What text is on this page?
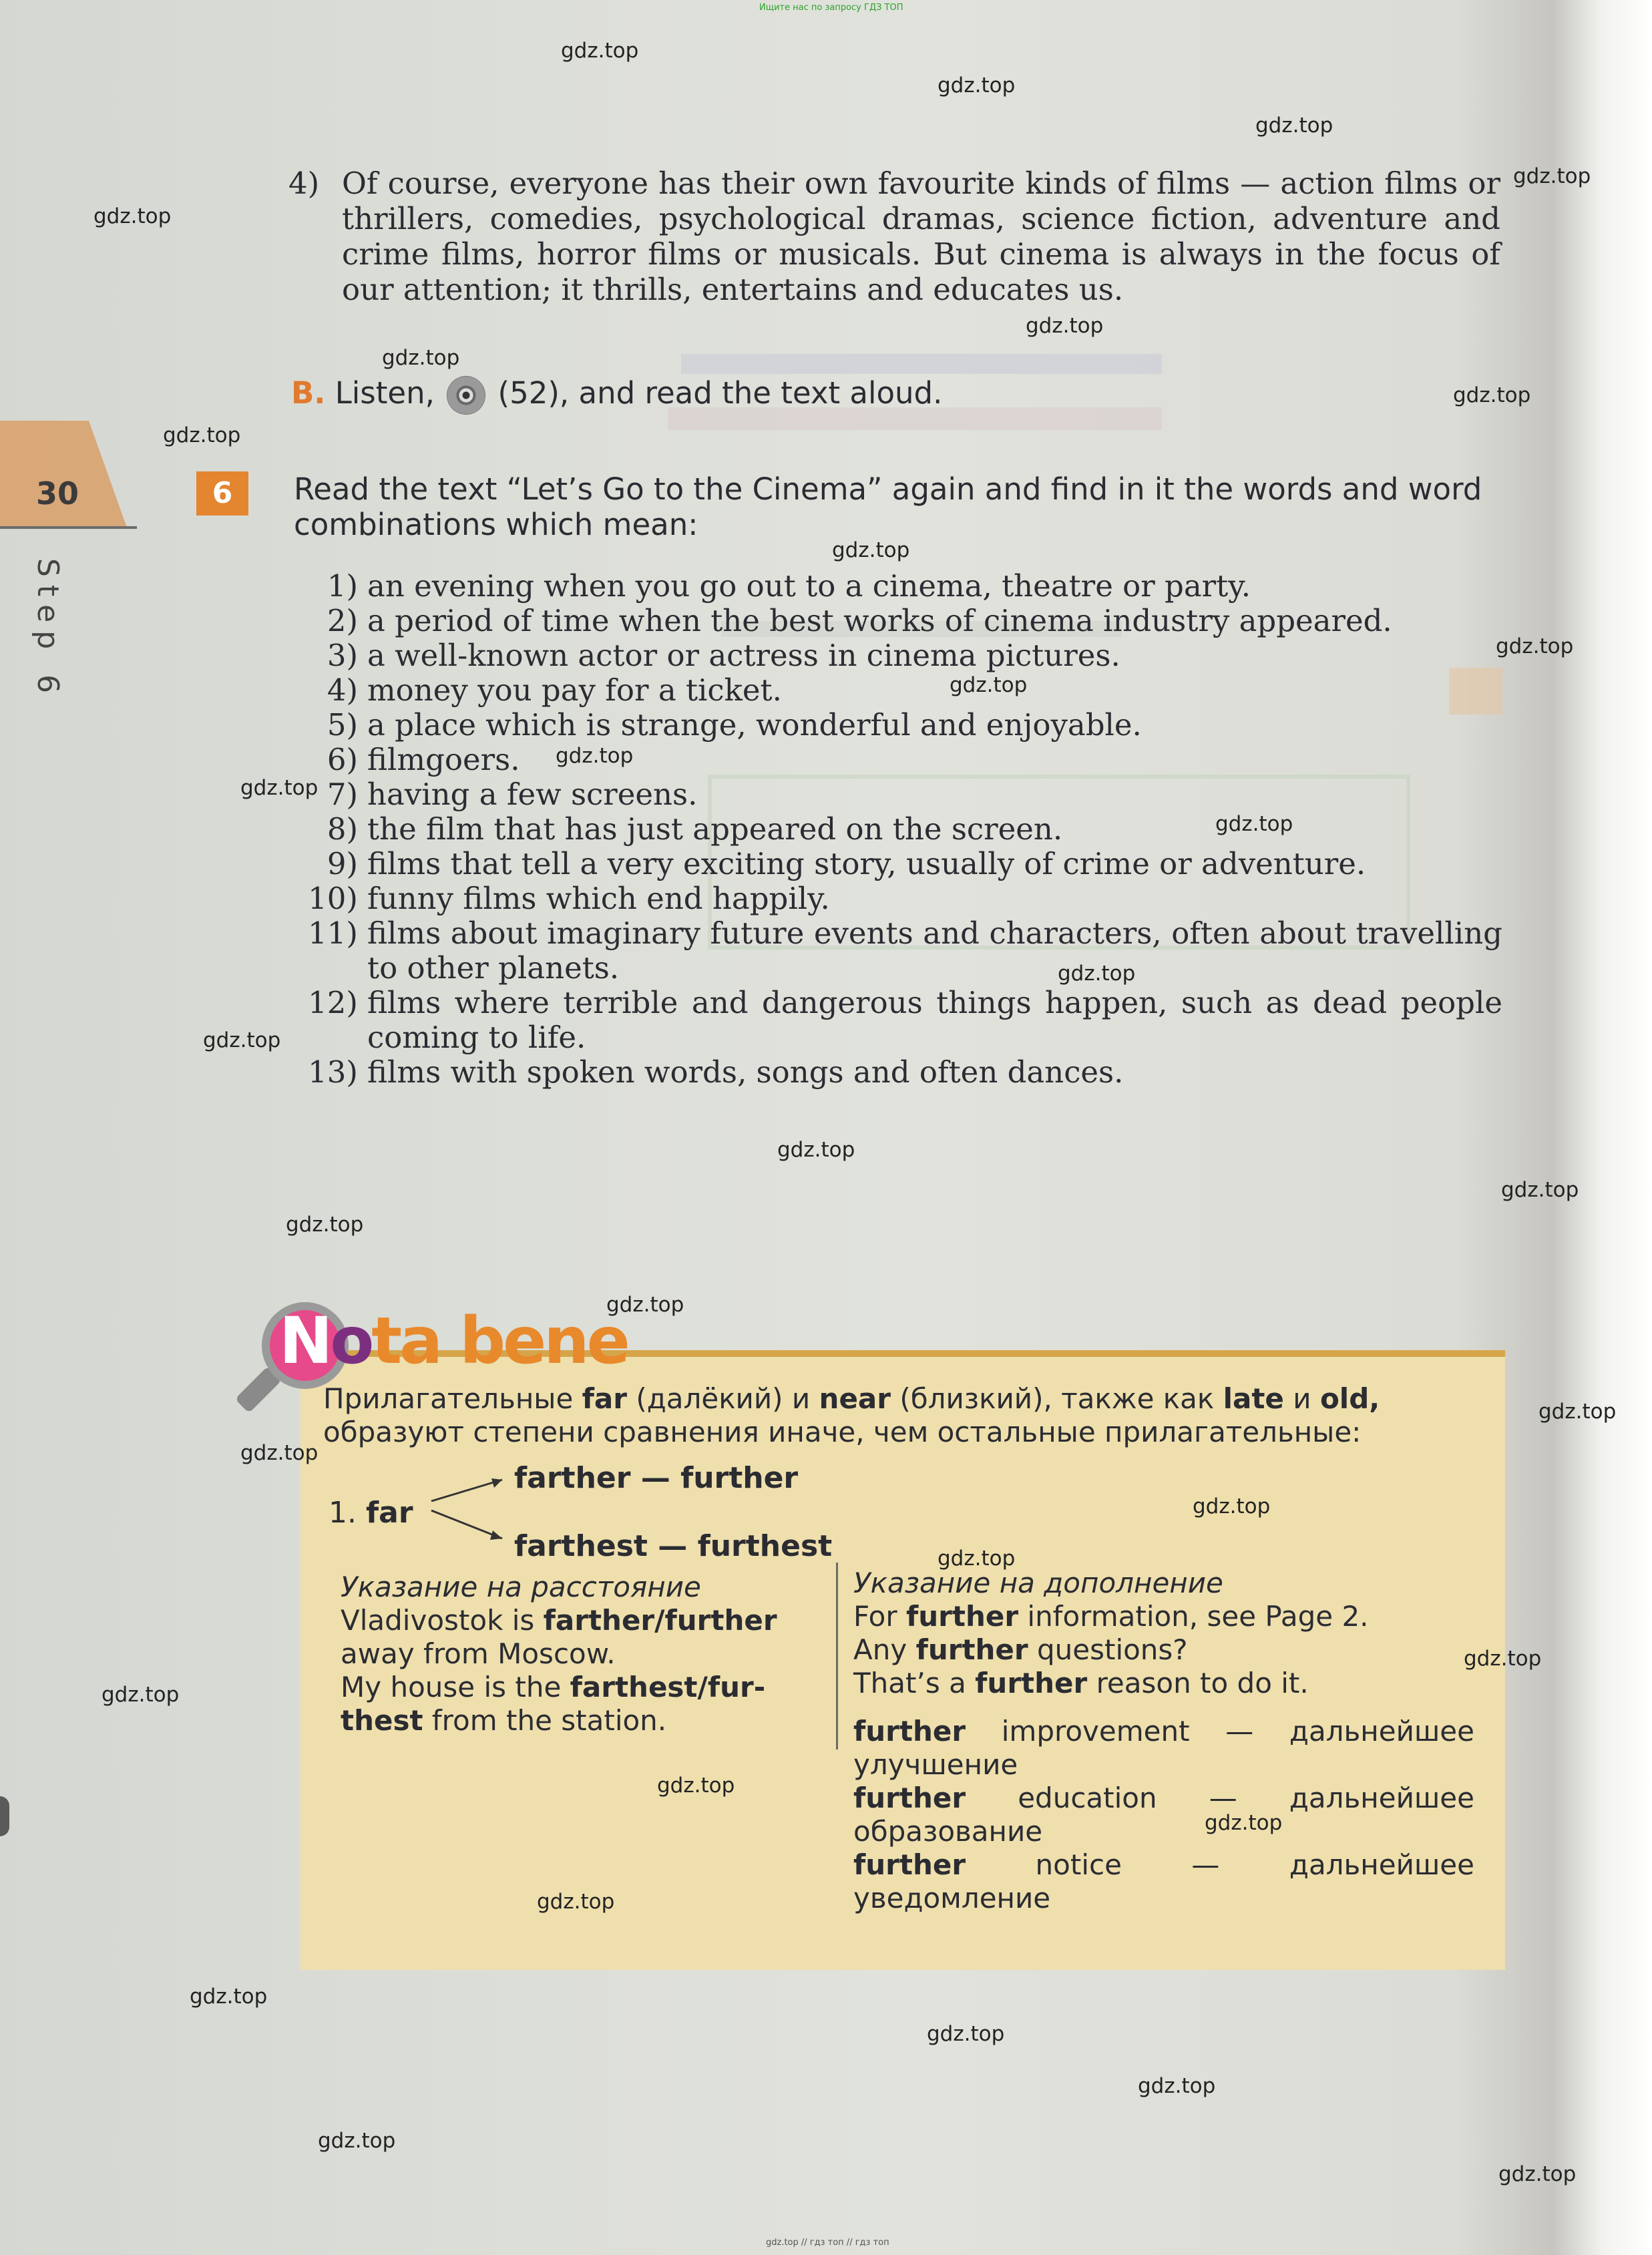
Ищите нас по запросу ГДЗ ТОП
30
Step 6
4) Of course, everyone has their own favourite kinds of films — action films or thrillers, comedies, psychological dramas, science fiction, adventure and crime films, horror films or musicals. But cinema is always in the focus of our attention; it thrills, entertains and educates us.
B. Listen, (52), and read the text aloud.
6	Read the text “Let’s Go to the Cinema” again and find in it the words and word combinations which mean:
1) an evening when you go out to a cinema, theatre or party.
2) a period of time when the best works of cinema industry appeared.
3) a well-known actor or actress in cinema pictures.
4) money you pay for a ticket.
5) a place which is strange, wonderful and enjoyable.
6) filmgoers.
7) having a few screens.
8) the film that has just appeared on the screen.
9) films that tell a very exciting story, usually of crime or adventure.
10) funny films which end happily.
11) films about imaginary future events and characters, often about travelling to other planets.
12) films where terrible and dangerous things happen, such as dead people coming to life.
13) films with spoken words, songs and often dances.
Nota bene
Прилагательные far (далёкий) и near (близкий), также как late и old, образуют степени сравнения иначе, чем остальные прилагательные:
1. far
farther — further
farthest — furthest
Указание на расстояние
Vladivostok is farther/further
away from Moscow.
My house is the farthest/fur-
thest from the station.
Указание на дополнение
For further information, see Page 2.
Any further questions?
That’s a further reason to do it.
further improvement — дальнейшее
улучшение
further education — дальнейшее
образование
further notice — дальнейшее
уведомление
gdz.top
gdz.top
gdz.top
gdz.top
gdz.top
gdz.top
gdz.top
gdz.top
gdz.top
gdz.top
gdz.top
gdz.top
gdz.top
gdz.top
gdz.top
gdz.top
gdz.top
gdz.top
gdz.top
gdz.top
gdz.top
gdz.top
gdz.top
gdz.top
gdz.top
gdz.top
gdz.top
gdz.top
gdz.top
gdz.top
gdz.top
gdz.top
gdz.top
gdz.top
gdz.top
gdz.top // гдз топ // гдз топ
